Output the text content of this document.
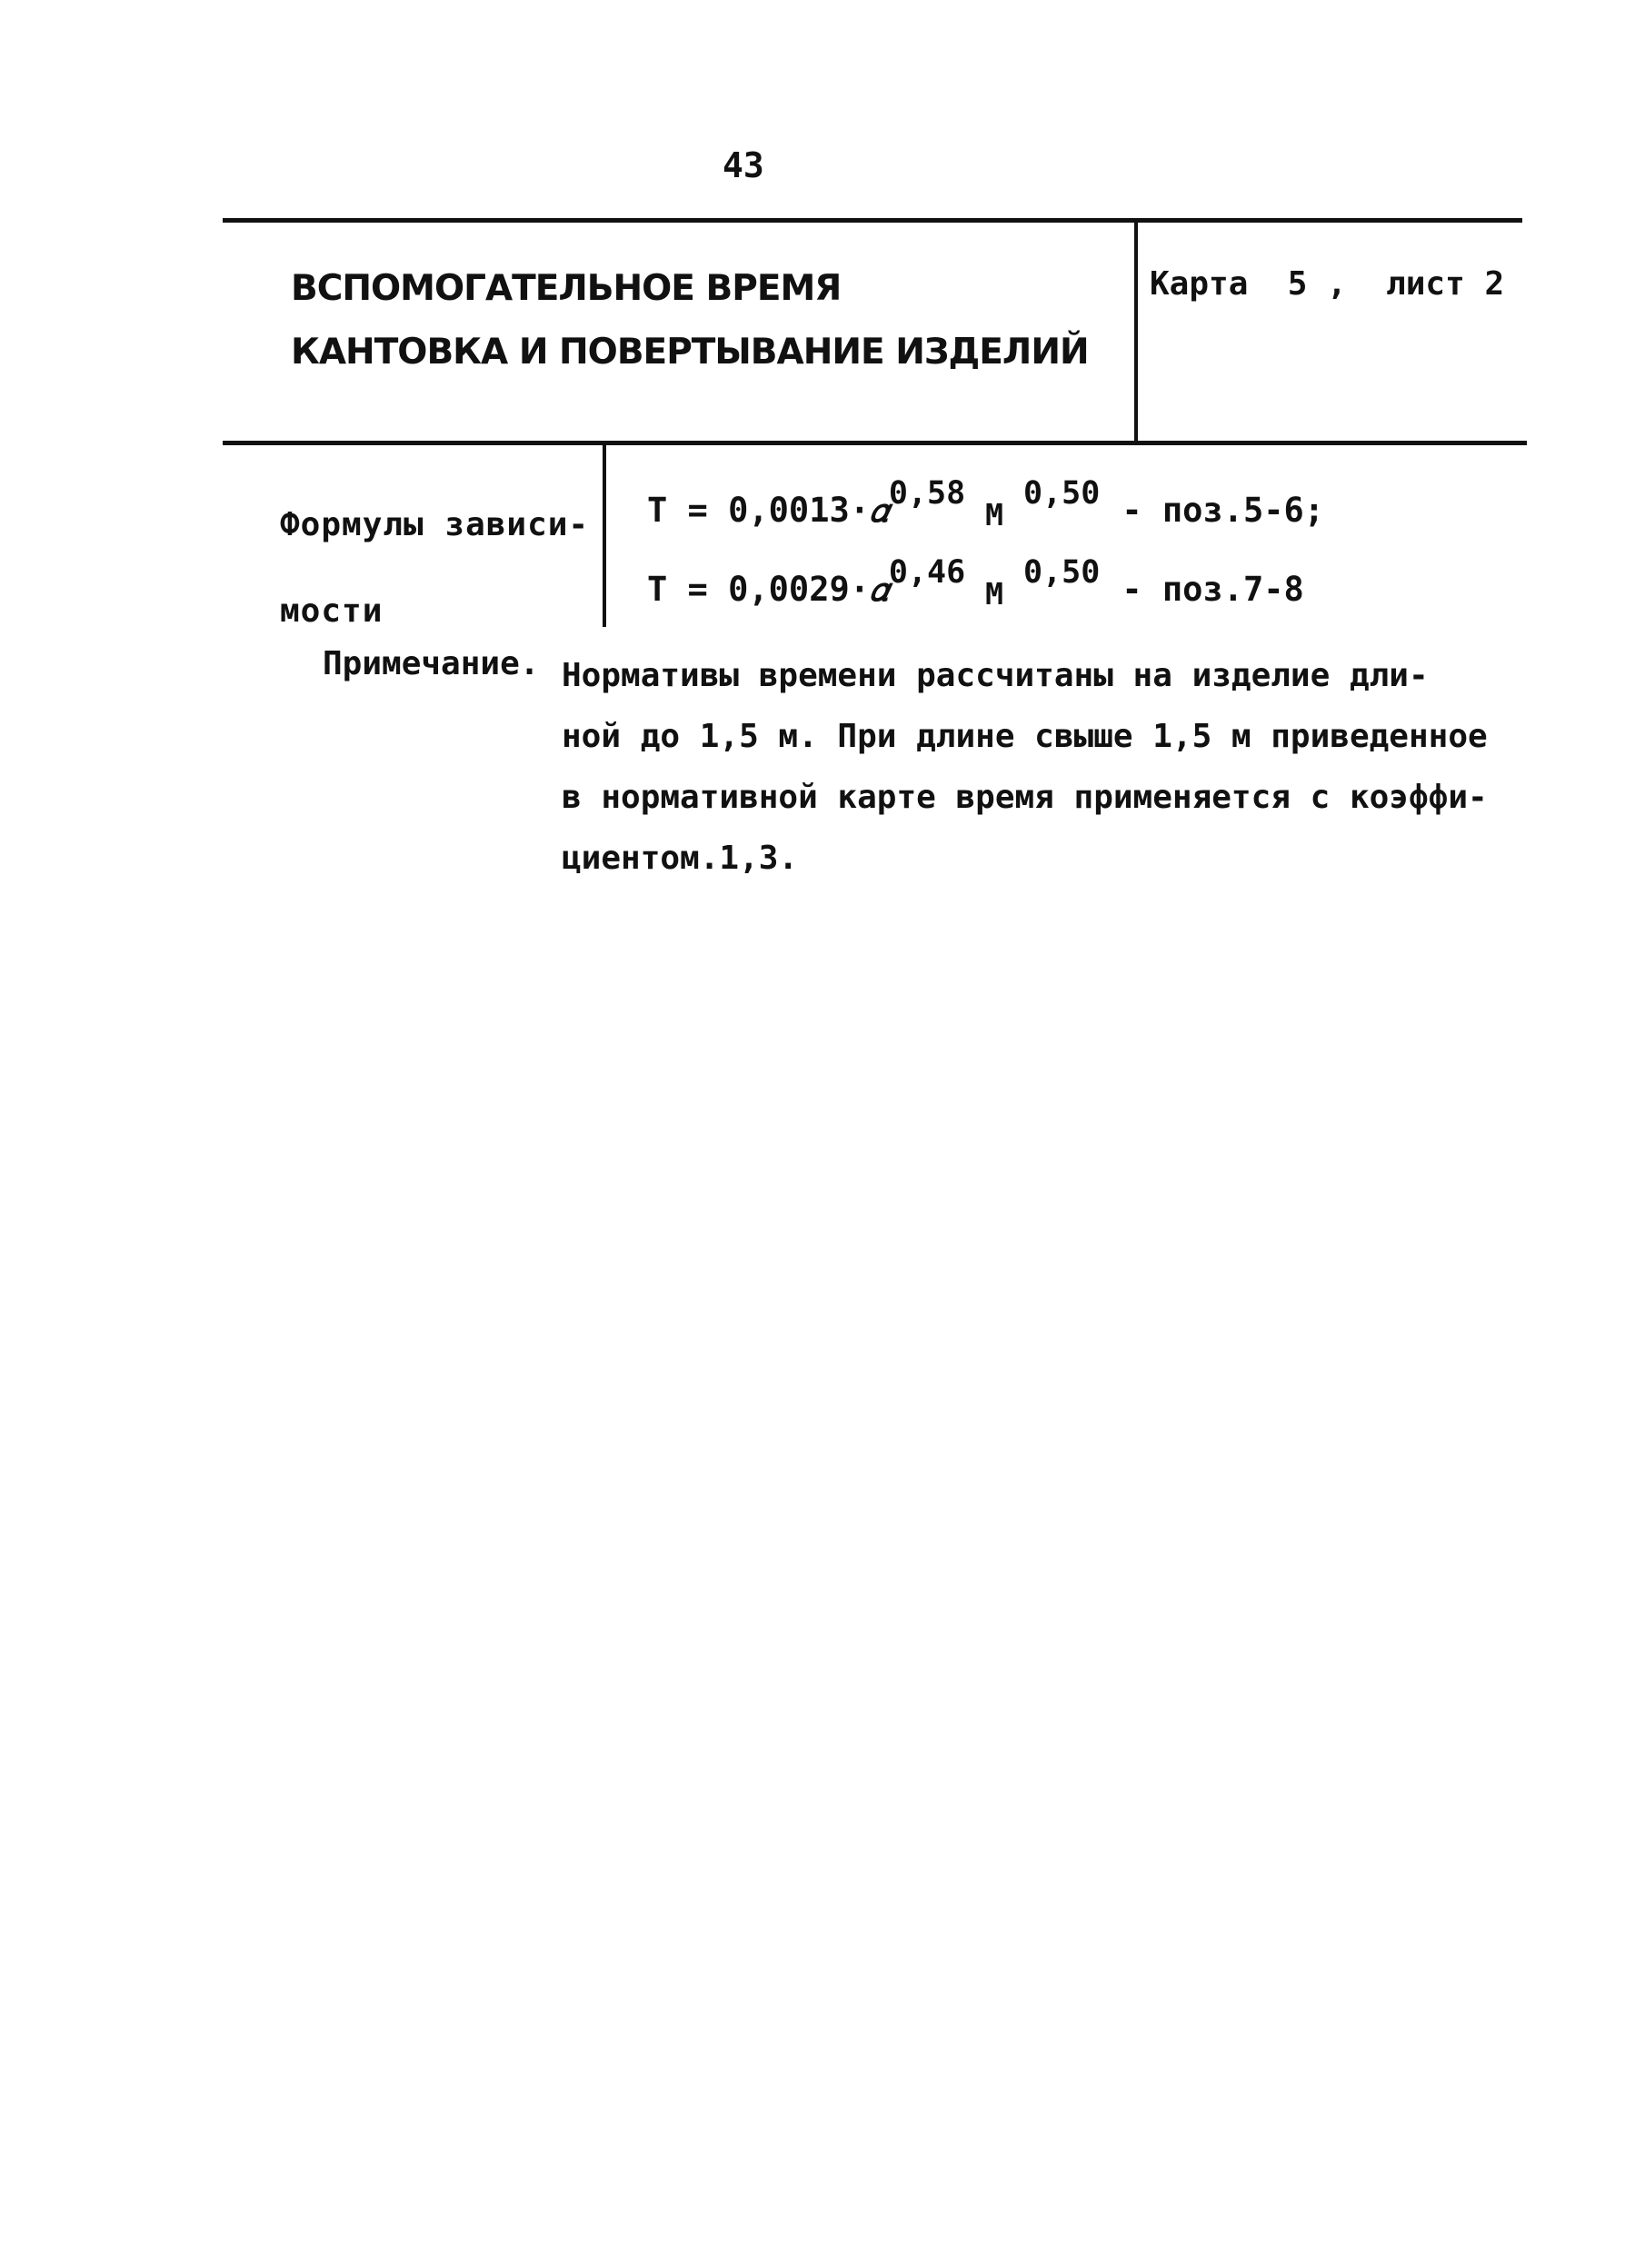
43
ВСПОМОГАТЕЛЬНОЕ ВРЕМЯ
КАНТОВКА И ПОВЕРТЫВАНИЕ ИЗДЕЛИЙ
Карта  5 ,  лист 2
Формулы зависи-
мости
Т = 0,0013·𝛼0,58М0,50 - поз.5-6;
Т = 0,0029·𝛼0,46М0,50 - поз.7-8
Примечание. Нормативы времени рассчитаны на изделие дли-
ной до 1,5 м. При длине свыше 1,5 м приведенное
в нормативной карте время применяется с коэффи-
циентом.1,3.
